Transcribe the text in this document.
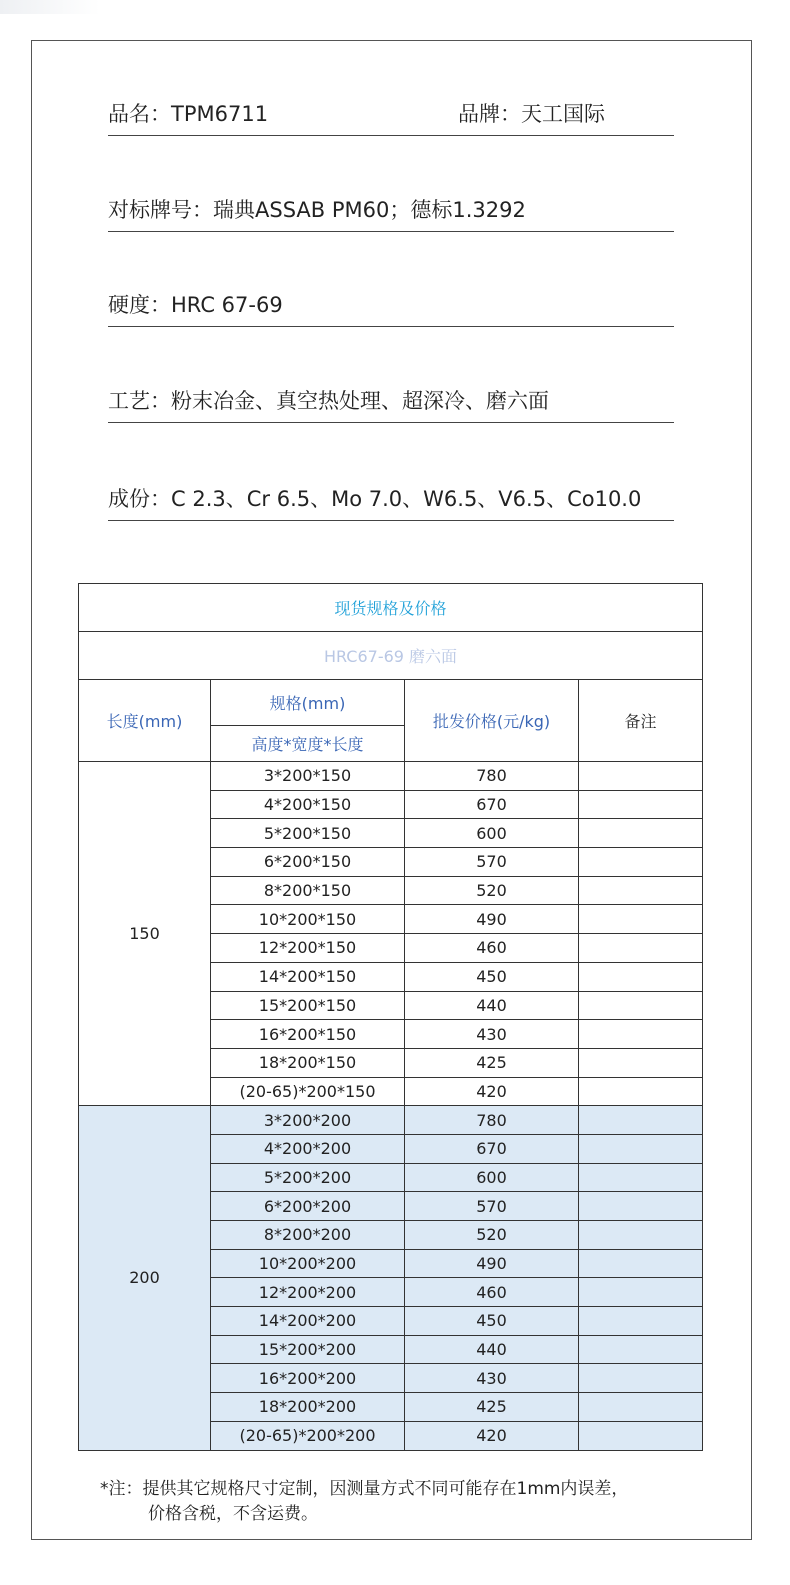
品名：TPM6711	品牌：天工国际
对标牌号：瑞典ASSAB PM60；德标1.3292
硬度：HRC 67-69
工艺：粉末冶金、真空热处理、超深冷、磨六面
成份：C 2.3、Cr 6.5、Mo 7.0、W6.5、V6.5、Co10.0
现货规格及价格			
HRC67-69 磨六面			
长度(mm)	规格(mm)	批发价格(元/kg)	备注
	高度*宽度*长度		
150	3*200*150	780	
	4*200*150	670	
	5*200*150	600	
	6*200*150	570	
	8*200*150	520	
	10*200*150	490	
	12*200*150	460	
	14*200*150	450	
	15*200*150	440	
	16*200*150	430	
	18*200*150	425	
	(20-65)*200*150	420	
200	3*200*200	780	
	4*200*200	670	
	5*200*200	600	
	6*200*200	570	
	8*200*200	520	
	10*200*200	490	
	12*200*200	460	
	14*200*200	450	
	15*200*200	440	
	16*200*200	430	
	18*200*200	425	
	(20-65)*200*200	420	
*注：提供其它规格尺寸定制，因测量方式不同可能存在1mm内误差，
价格含税，不含运费。
